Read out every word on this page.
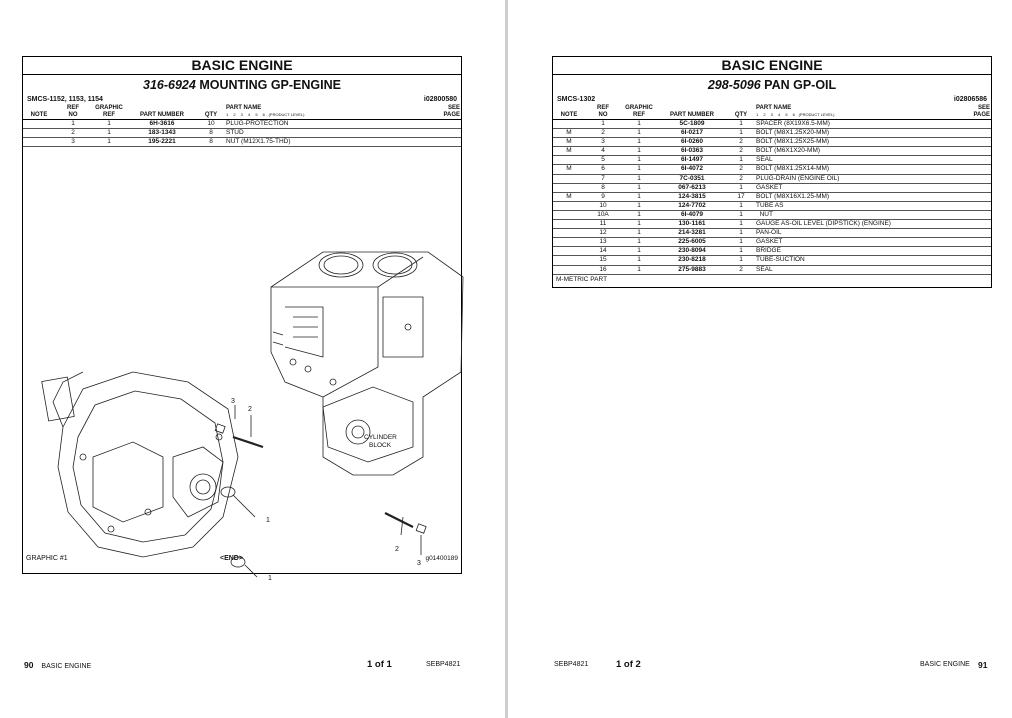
BASIC ENGINE
316-6924 MOUNTING GP-ENGINE
SMCS-1152, 1153, 1154	i02800580
NOTE	REF
NO	GRAPHIC
REF	PART NUMBER	QTY	PART NAME
1 2 3 4 5 6 (PRODUCT LEVEL)	SEE
PAGE
	1	1	6H-3616	10	PLUG-PROTECTION	
	2	1	183-1343	8	STUD	
	3	1	195-2221	8	NUT (M12X1.75-THD)	
2
3
1
1
2
3
CYLINDER
BLOCK
GRAPHIC #1	<END>	g01400189
90 BASIC ENGINE	1 of 1	SEBP4821
BASIC ENGINE
298-5096 PAN GP-OIL
SMCS-1302	i02806586
NOTE	REF
NO	GRAPHIC
REF	PART NUMBER	QTY	PART NAME
1 2 3 4 5 6 (PRODUCT LEVEL)	SEE
PAGE
	1	1	5C-1809	1	SPACER (8X19X6.5-MM)	
M	2	1	6I-0217	1	BOLT (M8X1.25X20-MM)	
M	3	1	6I-0260	2	BOLT (M8X1.25X25-MM)	
M	4	1	6I-0363	2	BOLT (M6X1X20-MM)	
	5	1	6I-1497	1	SEAL	
M	6	1	6I-4072	2	BOLT (M8X1.25X14-MM)	
	7	1	7C-0351	2	PLUG-DRAIN (ENGINE OIL)	
	8	1	067-6213	1	GASKET	
M	9	1	124-3815	17	BOLT (M8X16X1.25-MM)	
	10	1	124-7702	1	TUBE AS	
	10A	1	6I-4079	1	NUT	
	11	1	130-1161	1	GAUGE AS-OIL LEVEL (DIPSTICK) (ENGINE)	
	12	1	214-3281	1	PAN-OIL	
	13	1	225-6005	1	GASKET	
	14	1	230-8094	1	BRIDGE	
	15	1	230-8218	1	TUBE-SUCTION	
	16	1	275-9883	2	SEAL	
M-METRIC PART
SEBP4821	1 of 2	BASIC ENGINE 91
